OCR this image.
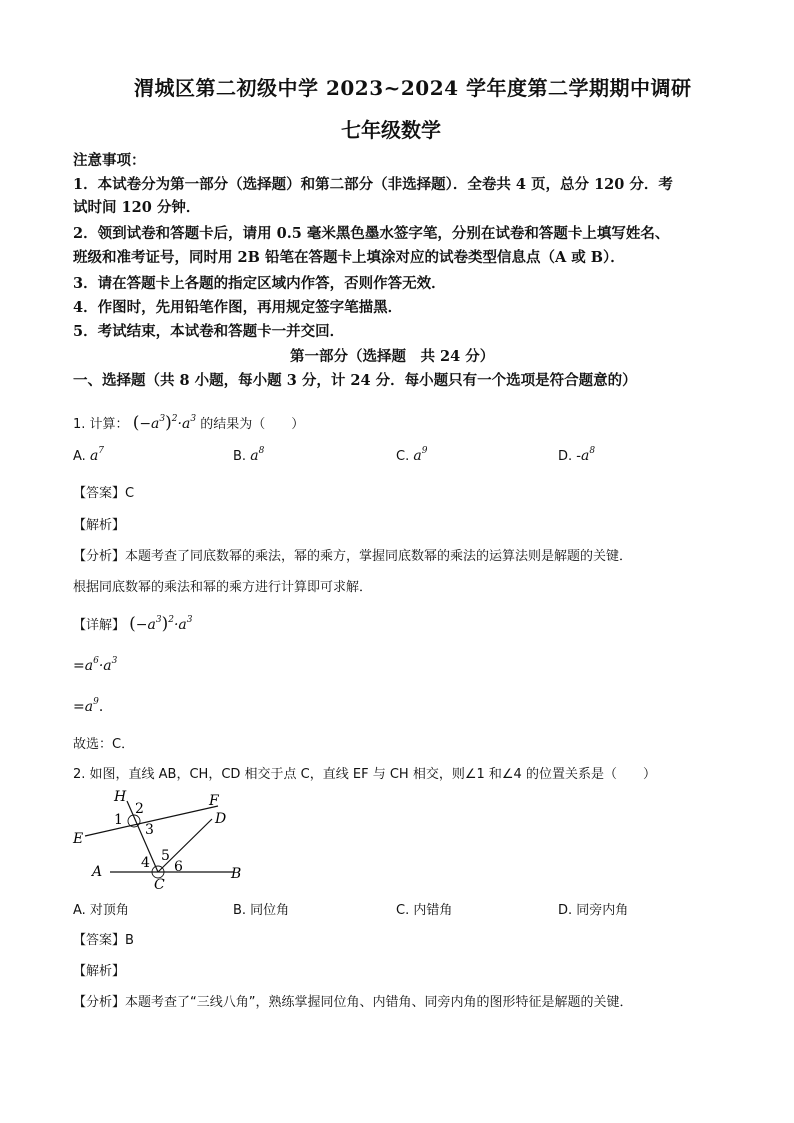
渭城区第二初级中学 2023~2024 学年度第二学期期中调研
七年级数学
注意事项：
1．本试卷分为第一部分（选择题）和第二部分（非选择题）．全卷共 4 页，总分 120 分．考
试时间 120 分钟．
2．领到试卷和答题卡后，请用 0.5 毫米黑色墨水签字笔，分别在试卷和答题卡上填写姓名、
班级和准考证号，同时用 2B 铅笔在答题卡上填涂对应的试卷类型信息点（A 或 B）．
3．请在答题卡上各题的指定区域内作答，否则作答无效．
4．作图时，先用铅笔作图，再用规定签字笔描黑．
5．考试结束，本试卷和答题卡一并交回．
第一部分（选择题　共 24 分）
一、选择题（共 8 小题，每小题 3 分，计 24 分．每小题只有一个选项是符合题意的）
1. 计算： $(-a^3)^2\cdot a^3$ 的结果为（　　）
A. $a^7$	B. $a^8$	C. $a^9$	D. $-a^8$
【答案】C
【解析】
【分析】本题考查了同底数幂的乘法，幂的乘方，掌握同底数幂的乘法的运算法则是解题的关键．
根据同底数幂的乘法和幂的乘方进行计算即可求解．
【详解】 $(-a^3)^2\cdot a^3$
$=a^6\cdot a^3$
$=a^9$．
故选：C．
2. 如图，直线 AB，CH，CD 相交于点 C，直线 EF 与 CH 相交，则∠1 和∠4 的位置关系是（　　）
H	F
E
D
A	B
C
1
2
3
4 5
6
A. 对顶角	B. 同位角	C. 内错角	D. 同旁内角
【答案】B
【解析】
【分析】本题考查了“三线八角”，熟练掌握同位角、内错角、同旁内角的图形特征是解题的关键．
